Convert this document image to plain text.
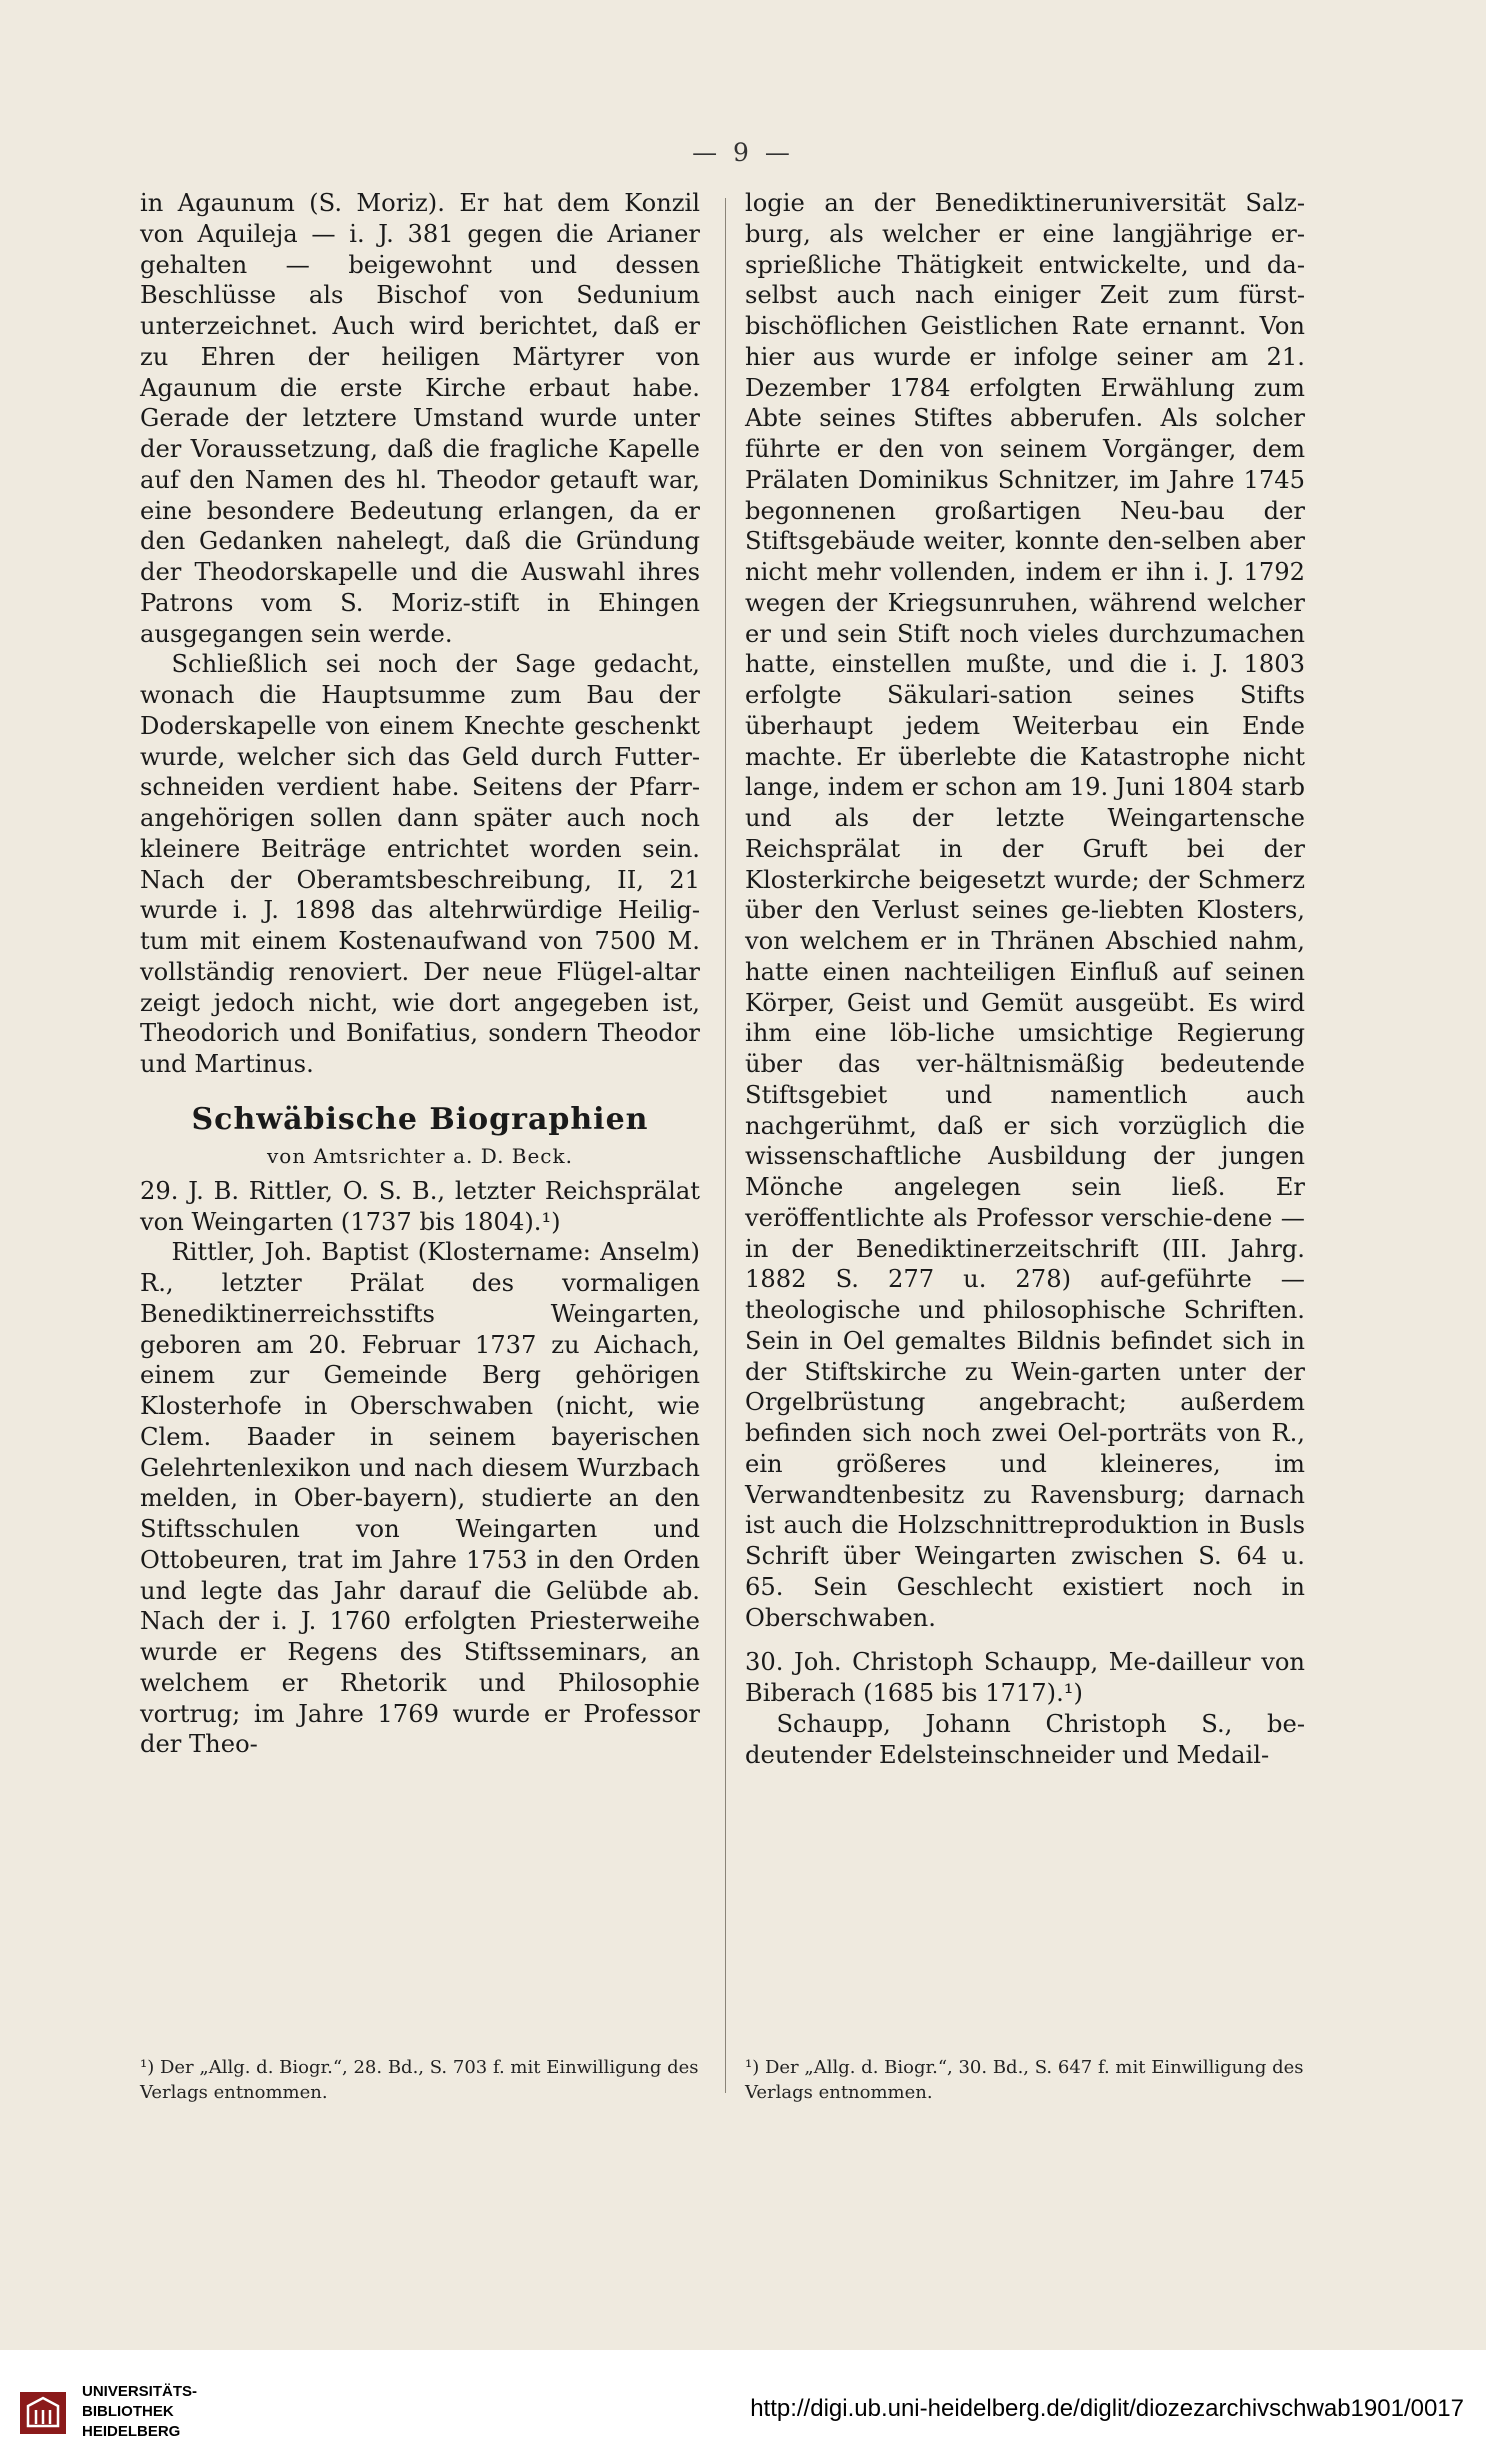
— 9 —

in Agaunum (S. Moriz). Er hat dem Konzil von Aquileja — i. J. 381 gegen die Arianer gehalten — beigewohnt und dessen Beschlüsse als Bischof von Sedunium unterzeichnet. Auch wird berichtet, daß er zu Ehren der heiligen Märtyrer von Agaunum die erste Kirche erbaut habe. Gerade der letztere Umstand wurde unter der Voraussetzung, daß die fragliche Kapelle auf den Namen des hl. Theodor getauft war, eine besondere Bedeutung erlangen, da er den Gedanken nahelegt, daß die Gründung der Theodorskapelle und die Auswahl ihres Patrons vom S. Moriz-stift in Ehingen ausgegangen sein werde.

Schließlich sei noch der Sage gedacht, wonach die Hauptsumme zum Bau der Doderskapelle von einem Knechte geschenkt wurde, welcher sich das Geld durch Futter-schneiden verdient habe. Seitens der Pfarr-angehörigen sollen dann später auch noch kleinere Beiträge entrichtet worden sein. Nach der Oberamtsbeschreibung, II, 21 wurde i. J. 1898 das altehrwürdige Heilig-tum mit einem Kostenaufwand von 7500 M. vollständig renoviert. Der neue Flügel-altar zeigt jedoch nicht, wie dort angegeben ist, Theodorich und Bonifatius, sondern Theodor und Martinus.

Schwäbische Biographien
von Amtsrichter a. D. Beck.

29. J. B. Rittler, O. S. B., letzter Reichsprälat von Weingarten (1737 bis 1804).¹)

Rittler, Joh. Baptist (Klostername: Anselm) R., letzter Prälat des vormaligen Benediktinerreichsstifts Weingarten, geboren am 20. Februar 1737 zu Aichach, einem zur Gemeinde Berg gehörigen Klosterhofe in Oberschwaben (nicht, wie Clem. Baader in seinem bayerischen Gelehrtenlexikon und nach diesem Wurzbach melden, in Ober-bayern), studierte an den Stiftsschulen von Weingarten und Ottobeuren, trat im Jahre 1753 in den Orden und legte das Jahr darauf die Gelübde ab. Nach der i. J. 1760 erfolgten Priesterweihe wurde er Regens des Stiftsseminars, an welchem er Rhetorik und Philosophie vortrug; im Jahre 1769 wurde er Professor der Theo-

logie an der Benediktineruniversität Salz-burg, als welcher er eine langjährige er-sprießliche Thätigkeit entwickelte, und da-selbst auch nach einiger Zeit zum fürst-bischöflichen Geistlichen Rate ernannt. Von hier aus wurde er infolge seiner am 21. Dezember 1784 erfolgten Erwählung zum Abte seines Stiftes abberufen. Als solcher führte er den von seinem Vorgänger, dem Prälaten Dominikus Schnitzer, im Jahre 1745 begonnenen großartigen Neu-bau der Stiftsgebäude weiter, konnte den-selben aber nicht mehr vollenden, indem er ihn i. J. 1792 wegen der Kriegsunruhen, während welcher er und sein Stift noch vieles durchzumachen hatte, einstellen mußte, und die i. J. 1803 erfolgte Säkulari-sation seines Stifts überhaupt jedem Weiterbau ein Ende machte. Er überlebte die Katastrophe nicht lange, indem er schon am 19. Juni 1804 starb und als der letzte Weingartensche Reichsprälat in der Gruft bei der Klosterkirche beigesetzt wurde; der Schmerz über den Verlust seines ge-liebten Klosters, von welchem er in Thränen Abschied nahm, hatte einen nachteiligen Einfluß auf seinen Körper, Geist und Gemüt ausgeübt. Es wird ihm eine löb-liche umsichtige Regierung über das ver-hältnismäßig bedeutende Stiftsgebiet und namentlich auch nachgerühmt, daß er sich vorzüglich die wissenschaftliche Ausbildung der jungen Mönche angelegen sein ließ. Er veröffentlichte als Professor verschie-dene — in der Benediktinerzeitschrift (III. Jahrg. 1882 S. 277 u. 278) auf-geführte — theologische und philosophische Schriften. Sein in Oel gemaltes Bildnis befindet sich in der Stiftskirche zu Wein-garten unter der Orgelbrüstung angebracht; außerdem befinden sich noch zwei Oel-porträts von R., ein größeres und kleineres, im Verwandtenbesitz zu Ravensburg; darnach ist auch die Holzschnittreproduktion in Busls Schrift über Weingarten zwischen S. 64 u. 65. Sein Geschlecht existiert noch in Oberschwaben.

30. Joh. Christoph Schaupp, Me-dailleur von Biberach (1685 bis 1717).¹)

Schaupp, Johann Christoph S., be-deutender Edelsteinschneider und Medail-

¹) Der „Allg. d. Biogr.“, 28. Bd., S. 703 f. mit Einwilligung des Verlags entnommen.
¹) Der „Allg. d. Biogr.“, 30. Bd., S. 647 f. mit Einwilligung des Verlags entnommen.
UNIVERSITÄTS-
BIBLIOTHEK
HEIDELBERG
http://digi.ub.uni-heidelberg.de/diglit/diozezarchivschwab1901/0017
